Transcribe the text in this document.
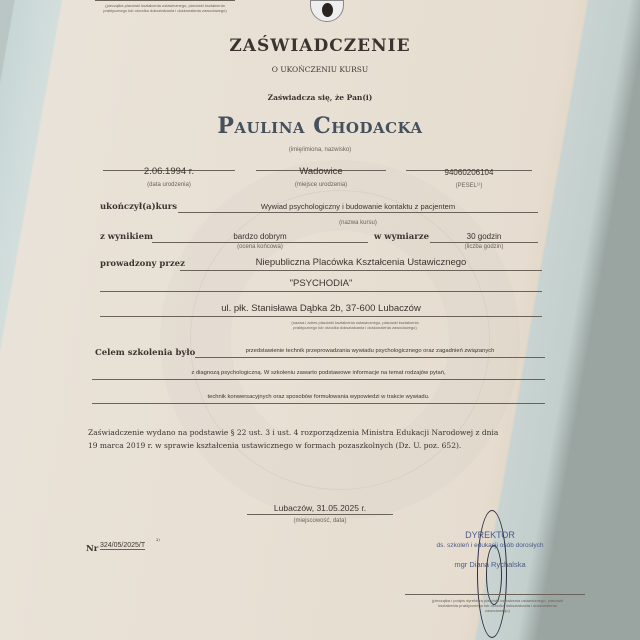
(pieczątka placówki kształcenia ustawicznego, placówki kształcenia praktycznego lub ośrodka dokształcania i doskonalenia zawodowego)
ZAŚWIADCZENIE
O UKOŃCZENIU KURSU
Zaświadcza się, że Pan(i)
Paulina Chodacka
(imię/imiona, nazwisko)
2.06.1994 r.
(data urodzenia)
Wadowice
(miejsce urodzenia)
94060206104
(PESEL¹⁾)
ukończył(a)kurs	Wywiad psychologiczny i budowanie kontaktu z pacjentem
(nazwa kursu)
z wynikiem	bardzo dobrym
(ocena końcowa)
w wymiarze	30 godzin
(liczba godzin)
prowadzony przez	Niepubliczna Placówka Kształcenia Ustawicznego
"PSYCHODIA"
ul. płk. Stanisława Dąbka 2b, 37-600 Lubaczów
(nazwa i adres placówki kształcenia ustawicznego, placówki kształcenia praktycznego lub ośrodka dokształcania i doskonalenia zawodowego)
Celem szkolenia było	przedstawienie technik przeprowadzania wywiadu psychologicznego oraz zagadnień związanych
z diagnozą psychologiczną. W szkoleniu zawarto podstawowe informacje na temat rodzajów pytań,
technik konwersacyjnych oraz sposobów formułowania wypowiedzi w trakcie wywiadu.
Zaświadczenie wydano na podstawie § 22 ust. 3 i ust. 4 rozporządzenia Ministra Edukacji Narodowej z dnia
19 marca 2019 r. w sprawie kształcenia ustawicznego w formach pozaszkolnych (Dz. U. poz. 652).
Lubaczów, 31.05.2025 r.
(miejscowość, data)
Nr 324/05/2025/T
²⁾
DYREKTOR
ds. szkoleń i edukacji osób dorosłych
mgr Diana Rychalska
(pieczątka i podpis dyrektora placówki kształcenia ustawicznego, placówki kształcenia praktycznego lub ośrodka dokształcania i doskonalenia zawodowego)
